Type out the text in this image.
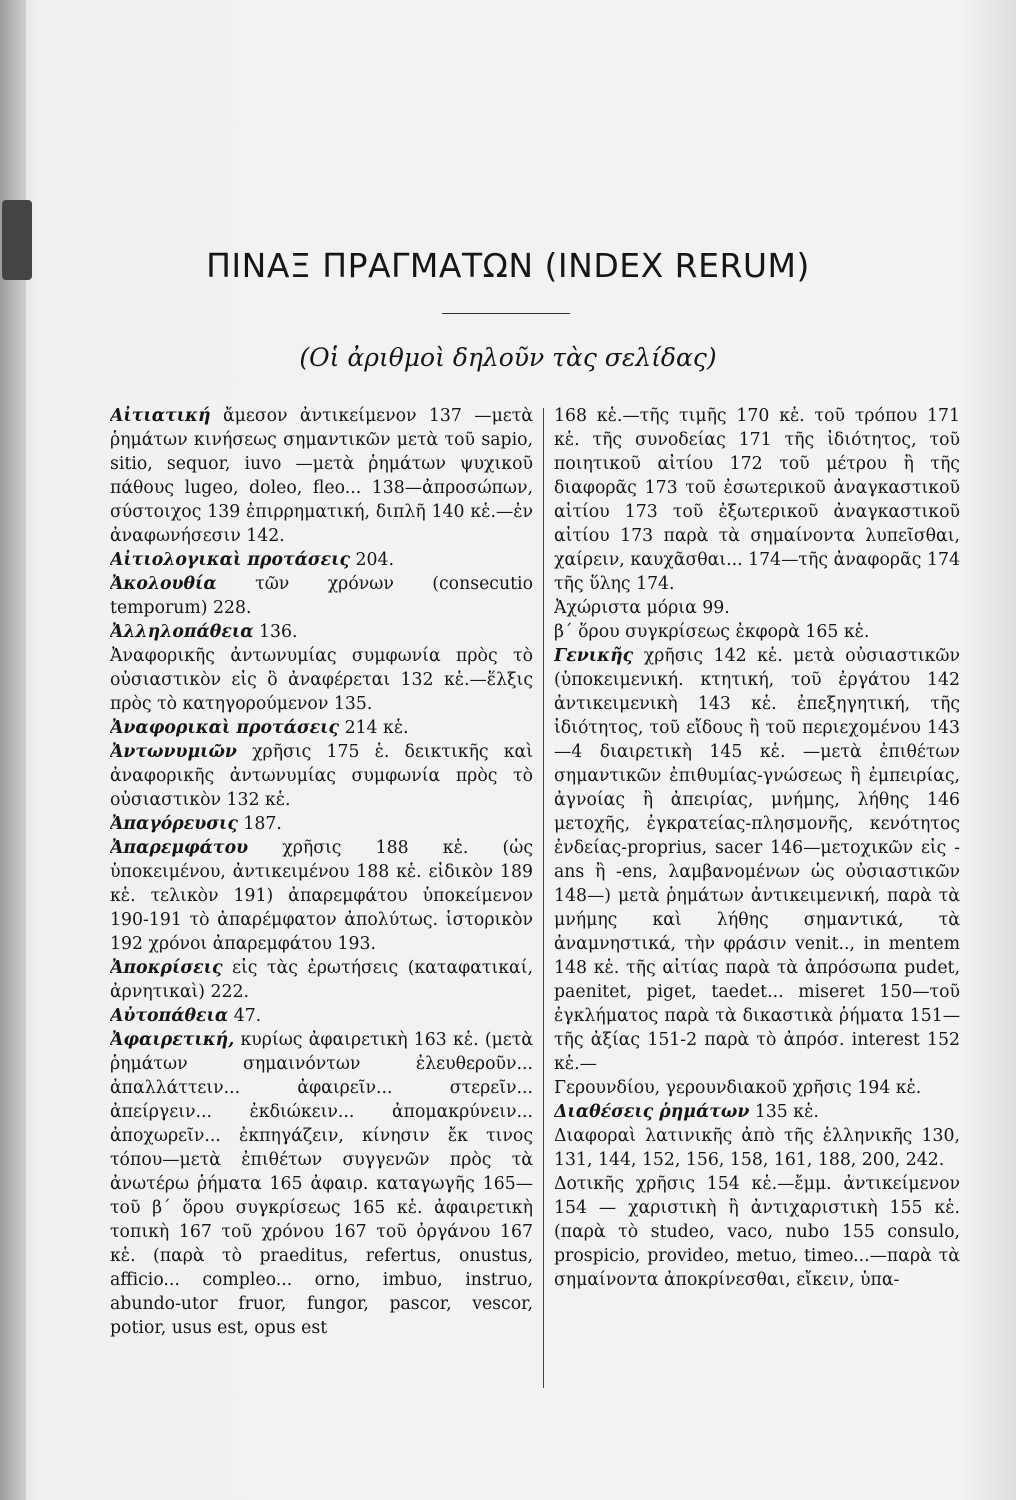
ΠΙΝΑΞ ΠΡΑΓΜΑΤΩΝ (INDEX RERUM)

(Οἱ ἀριθμοὶ δηλοῦν τὰς σελίδας)

Αἰτιατική ἄμεσον ἀντικείμενον 137 —μετὰ ῥημάτων κινήσεως σημαντικῶν μετὰ τοῦ sapio, sitio, sequor, iuvo —μετὰ ῥημάτων ψυχικοῦ πάθους lugeo, doleo, fleo... 138—ἀπροσώπων, σύστοιχος 139 ἐπιρρηματική, διπλῆ 140 κἑ.—ἐν ἀναφωνήσεσιν 142.

Αἰτιολογικαὶ προτάσεις 204.

Ἀκολουθία τῶν χρόνων (consecutio temporum) 228.

Ἀλληλοπάθεια 136.

Ἀναφορικῆς ἀντωνυμίας συμφωνία πρὸς τὸ οὐσιαστικὸν εἰς ὃ ἀναφέρεται 132 κἑ.—ἕλξις πρὸς τὸ κατηγορούμενον 135.

Ἀναφορικαὶ προτάσεις 214 κἑ.

Ἀντωνυμιῶν χρῆσις 175 ἑ. δεικτικῆς καὶ ἀναφορικῆς ἀντωνυμίας συμφωνία πρὸς τὸ οὐσιαστικὸν 132 κἑ.

Ἀπαγόρευσις 187.

Ἀπαρεμφάτου χρῆσις 188 κἑ. (ὡς ὑποκειμένου, ἀντικειμένου 188 κἑ. εἰδικὸν 189 κἑ. τελικὸν 191) ἀπαρεμφάτου ὑποκείμενον 190-191 τὸ ἀπαρέμφατον ἀπολύτως. ἱστορικὸν 192 χρόνοι ἀπαρεμφάτου 193.

Ἀποκρίσεις εἰς τὰς ἐρωτήσεις (καταφατικαί, ἀρνητικαὶ) 222.

Αὐτοπάθεια 47.

Ἀφαιρετική, κυρίως ἀφαιρετικὴ 163 κἑ. (μετὰ ῥημάτων σημαινόντων ἐλευθεροῦν... ἀπαλλάττειν... ἀφαιρεῖν... στερεῖν... ἀπείργειν... ἐκδιώκειν... ἀπομακρύνειν... ἀποχωρεῖν... ἐκπηγάζειν, κίνησιν ἔκ τινος τόπου—μετὰ ἐπιθέτων συγγενῶν πρὸς τὰ ἀνωτέρω ῥήματα 165 ἀφαιρ. καταγωγῆς 165—τοῦ β΄ ὅρου συγκρίσεως 165 κἑ. ἀφαιρετικὴ τοπικὴ 167 τοῦ χρόνου 167 τοῦ ὀργάνου 167 κἑ. (παρὰ τὸ praeditus, refertus, onustus, afficio... compleo... orno, imbuo, instruo, abundo-utor fruor, fungor, pascor, vescor, potior, usus est, opus est

168 κἑ.—τῆς τιμῆς 170 κἑ. τοῦ τρόπου 171 κἑ. τῆς συνοδείας 171 τῆς ἰδιότητος, τοῦ ποιητικοῦ αἰτίου 172 τοῦ μέτρου ἢ τῆς διαφορᾶς 173 τοῦ ἐσωτερικοῦ ἀναγκαστικοῦ αἰτίου 173 τοῦ ἐξωτερικοῦ ἀναγκαστικοῦ αἰτίου 173 παρὰ τὰ σημαίνοντα λυπεῖσθαι, χαίρειν, καυχᾶσθαι... 174—τῆς ἀναφορᾶς 174 τῆς ὕλης 174.

Ἀχώριστα μόρια 99.

β΄ ὅρου συγκρίσεως ἐκφορὰ 165 κἑ.

Γενικῆς χρῆσις 142 κἑ. μετὰ οὐσιαστικῶν (ὑποκειμενική. κτητική, τοῦ ἐργάτου 142 ἀντικειμενικὴ 143 κἑ. ἐπεξηγητική, τῆς ἰδιότητος, τοῦ εἴδους ἢ τοῦ περιεχομένου 143—4 διαιρετικὴ 145 κἑ. —μετὰ ἐπιθέτων σημαντικῶν ἐπιθυμίας-γνώσεως ἢ ἐμπειρίας, ἀγνοίας ἢ ἀπειρίας, μνήμης, λήθης 146 μετοχῆς, ἐγκρατείας-πλησμονῆς, κενότητος ἐνδείας-proprius, sacer 146—μετοχικῶν εἰς -ans ἢ -ens, λαμβανομένων ὡς οὐσιαστικῶν 148—) μετὰ ῥημάτων ἀντικειμενική, παρὰ τὰ μνήμης καὶ λήθης σημαντικά, τὰ ἀναμνηστικά, τὴν φράσιν venit.., in mentem 148 κἑ. τῆς αἰτίας παρὰ τὰ ἀπρόσωπα pudet, paenitet, piget, taedet... miseret 150—τοῦ ἐγκλήματος παρὰ τὰ δικαστικὰ ῥήματα 151—τῆς ἀξίας 151-2 παρὰ τὸ ἀπρόσ. interest 152 κἑ.—

Γερουνδίου, γερουνδιακοῦ χρῆσις 194 κἑ.

Διαθέσεις ῥημάτων 135 κἑ.

Διαφοραὶ λατινικῆς ἀπὸ τῆς ἑλληνικῆς 130, 131, 144, 152, 156, 158, 161, 188, 200, 242.

Δοτικῆς χρῆσις 154 κἑ.—ἔμμ. ἀντικείμενον 154 — χαριστικὴ ἢ ἀντιχαριστικὴ 155 κἑ. (παρὰ τὸ studeo, vaco, nubo 155 consulo, prospicio, provideo, metuo, timeo...—παρὰ τὰ σημαίνοντα ἀποκρίνεσθαι, εἴκειν, ὑπα-
